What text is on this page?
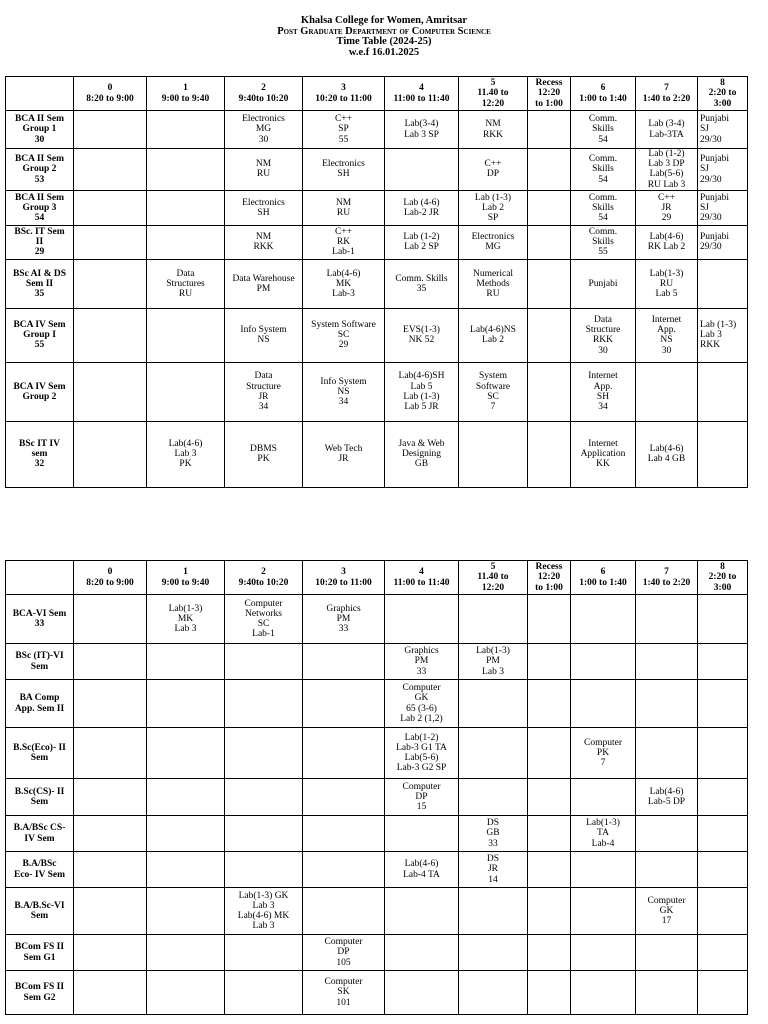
Khalsa College for Women, Amritsar
Post Graduate Department of Computer Science
Time Table (2024-25)
w.e.f 16.01.2025
	0
8:20 to 9:00	1
9:00 to 9:40	2
9:40to 10:20	3
10:20 to 11:00	4
11:00 to 11:40	5
11.40 to
12:20	Recess
12:20
to 1:00	6
1:00 to 1:40	7
1:40 to 2:20	8
2:20 to
3:00
BCA II Sem
Group 1
30			Electronics
MG
30	C++
SP
55	Lab(3-4)
Lab 3 SP	NM
RKK		Comm.
Skills
54	Lab (3-4)
Lab-3TA	Punjabi
SJ
29/30
BCA II Sem
Group 2
53			NM
RU	Electronics
SH		C++
DP		Comm.
Skills
54	Lab (1-2)
Lab 3 DP
Lab(5-6)
RU Lab 3	Punjabi
SJ
29/30
BCA II Sem
Group 3
54			Electronics
SH	NM
RU	Lab (4-6)
Lab-2 JR	Lab (1-3)
Lab 2
SP		Comm.
Skills
54	C++
JR
29	Punjabi
SJ
29/30
BSc. IT Sem
II
29			NM
RKK	C++
RK
Lab-1	Lab (1-2)
Lab 2 SP	Electronics
MG		Comm.
Skills
55	Lab(4-6)
RK Lab 2	Punjabi
29/30
BSc AI & DS
Sem II
35		Data
Structures
RU	Data Warehouse
PM	Lab(4-6)
MK
Lab-3	Comm. Skills
35	Numerical
Methods
RU		Punjabi	Lab(1-3)
RU
Lab 5	
BCA IV Sem
Group I
55			Info System
NS	System Software
SC
29	EVS(1-3)
NK 52	Lab(4-6)NS
Lab 2		Data
Structure
RKK
30	Internet
App.
NS
30	Lab (1-3)
Lab 3
RKK
BCA IV Sem
Group 2			Data
Structure
JR
34	Info System
NS
34	Lab(4-6)SH
Lab 5
Lab (1-3)
Lab 5 JR	System
Software
SC
7		Internet
App.
SH
34		
BSc IT IV
sem
32		Lab(4-6)
Lab 3
PK	DBMS
PK	Web Tech
JR	Java & Web
Designing
GB			Internet
Application
KK	Lab(4-6)
Lab 4 GB	
	0
8:20 to 9:00	1
9:00 to 9:40	2
9:40to 10:20	3
10:20 to 11:00	4
11:00 to 11:40	5
11.40 to
12:20	Recess
12:20
to 1:00	6
1:00 to 1:40	7
1:40 to 2:20	8
2:20 to
3:00
BCA-VI Sem
33		Lab(1-3)
MK
Lab 3	Computer
Networks
SC
Lab-1	Graphics
PM
33						
BSc (IT)-VI
Sem					Graphics
PM
33	Lab(1-3)
PM
Lab 3				
BA Comp
App. Sem II					Computer
GK
65 (3-6)
Lab 2 (1,2)					
B.Sc(Eco)- II
Sem					Lab(1-2)
Lab-3 G1 TA
Lab(5-6)
Lab-3 G2 SP			Computer
PK
7		
B.Sc(CS)- II
Sem					Computer
DP
15				Lab(4-6)
Lab-5 DP	
B.A/BSc CS-
IV Sem						DS
GB
33		Lab(1-3)
TA
Lab-4		
B.A/BSc
Eco- IV Sem					Lab(4-6)
Lab-4 TA	DS
JR
14				
B.A/B.Sc-VI
Sem			Lab(1-3) GK
Lab 3
Lab(4-6) MK
Lab 3						Computer
GK
17	
BCom FS II
Sem G1				Computer
DP
105						
BCom FS II
Sem G2				Computer
SK
101						
